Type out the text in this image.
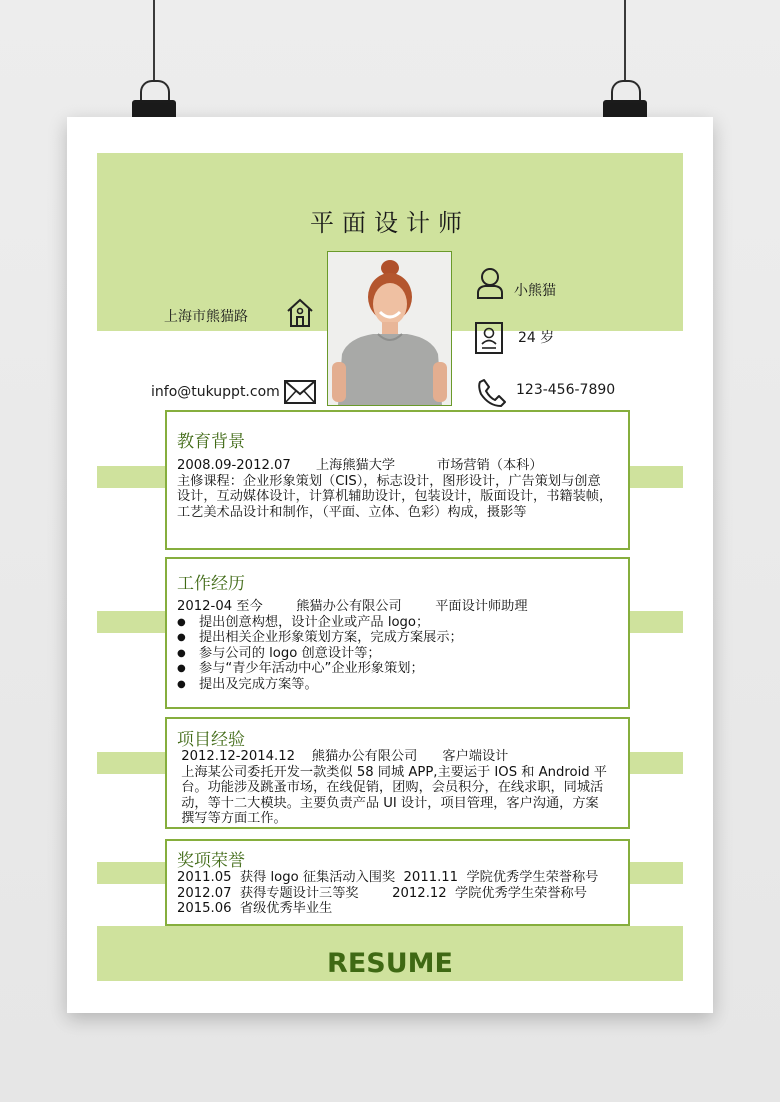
平面设计师
上海市熊猫路
info@tukuppt.com
小熊猫
24 岁
123-456-7890
教育背景
2008.09-2012.07      上海熊猫大学          市场营销（本科）
主修课程：企业形象策划（CIS），标志设计，图形设计，广告策划与创意
设计，互动媒体设计，计算机辅助设计，包装设计，版面设计，书籍装帧，
工艺美术品设计和制作，（平面、立体、色彩）构成，摄影等
工作经历
2012-04 至今        熊猫办公有限公司        平面设计师助理
● 提出创意构想，设计企业或产品 logo；
● 提出相关企业形象策划方案，完成方案展示；
● 参与公司的 logo 创意设计等；
● 参与“青少年活动中心”企业形象策划；
● 提出及完成方案等。
项目经验
2012.12-2014.12    熊猫办公有限公司      客户端设计
上海某公司委托开发一款类似 58 同城 APP,主要运于 IOS 和 Android 平
台。功能涉及跳蚤市场，在线促销，团购，会员积分，在线求职，同城活
动，等十二大模块。主要负责产品 UI 设计，项目管理，客户沟通，方案
撰写等方面工作。
奖项荣誉
2011.05  获得 logo 征集活动入围奖  2011.11  学院优秀学生荣誉称号
2012.07  获得专题设计三等奖        2012.12  学院优秀学生荣誉称号
2015.06  省级优秀毕业生
RESUME
